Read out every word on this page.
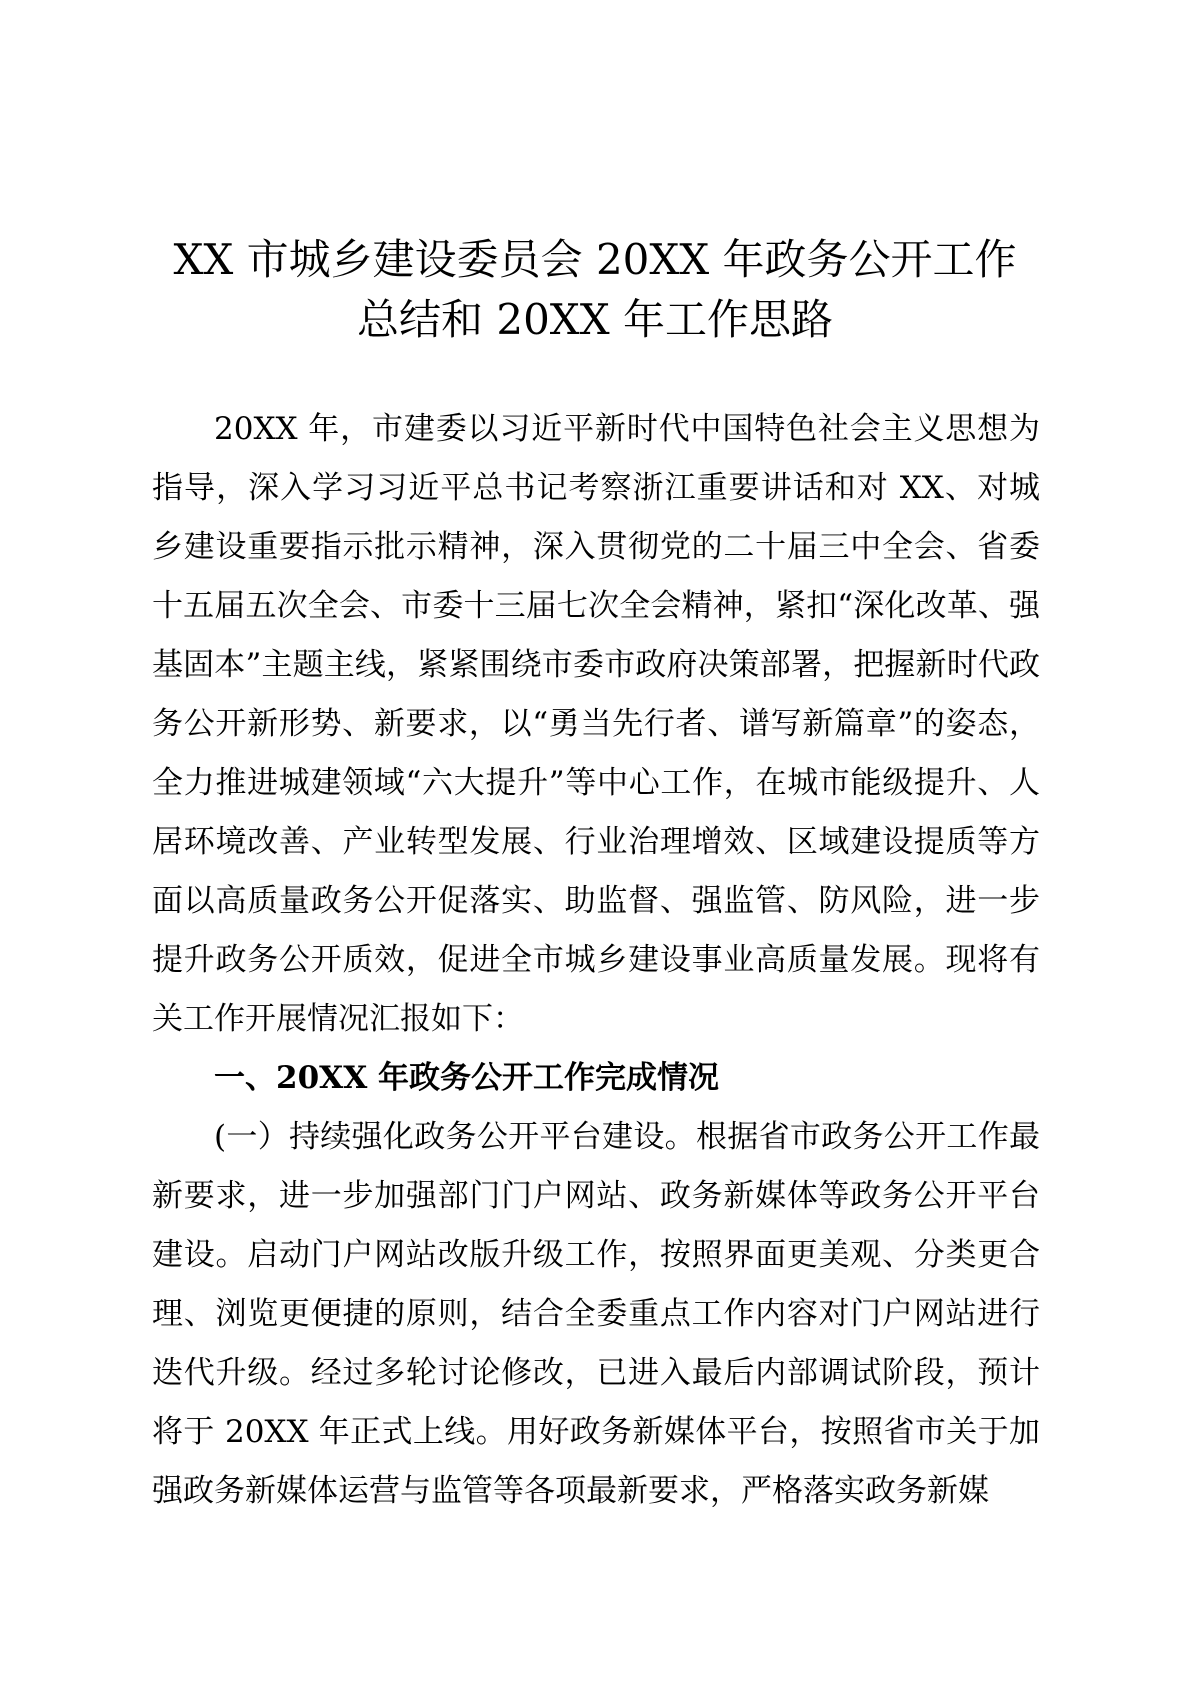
XX 市城乡建设委员会 20XX 年政务公开工作
总结和 20XX 年工作思路

20XX 年，市建委以习近平新时代中国特色社会主义思想为指导，深入学习习近平总书记考察浙江重要讲话和对 XX、对城乡建设重要指示批示精神，深入贯彻党的二十届三中全会、省委十五届五次全会、市委十三届七次全会精神，紧扣“深化改革、强基固本”主题主线，紧紧围绕市委市政府决策部署，把握新时代政务公开新形势、新要求，以“勇当先行者、谱写新篇章”的姿态，全力推进城建领域“六大提升”等中心工作，在城市能级提升、人居环境改善、产业转型发展、行业治理增效、区域建设提质等方面以高质量政务公开促落实、助监督、强监管、防风险，进一步提升政务公开质效，促进全市城乡建设事业高质量发展。现将有关工作开展情况汇报如下：

一、20XX 年政务公开工作完成情况

(一）持续强化政务公开平台建设。根据省市政务公开工作最新要求，进一步加强部门门户网站、政务新媒体等政务公开平台建设。启动门户网站改版升级工作，按照界面更美观、分类更合理、浏览更便捷的原则，结合全委重点工作内容对门户网站进行迭代升级。经过多轮讨论修改，已进入最后内部调试阶段，预计将于 20XX 年正式上线。用好政务新媒体平台，按照省市关于加强政务新媒体运营与监管等各项最新要求，严格落实政务新媒
